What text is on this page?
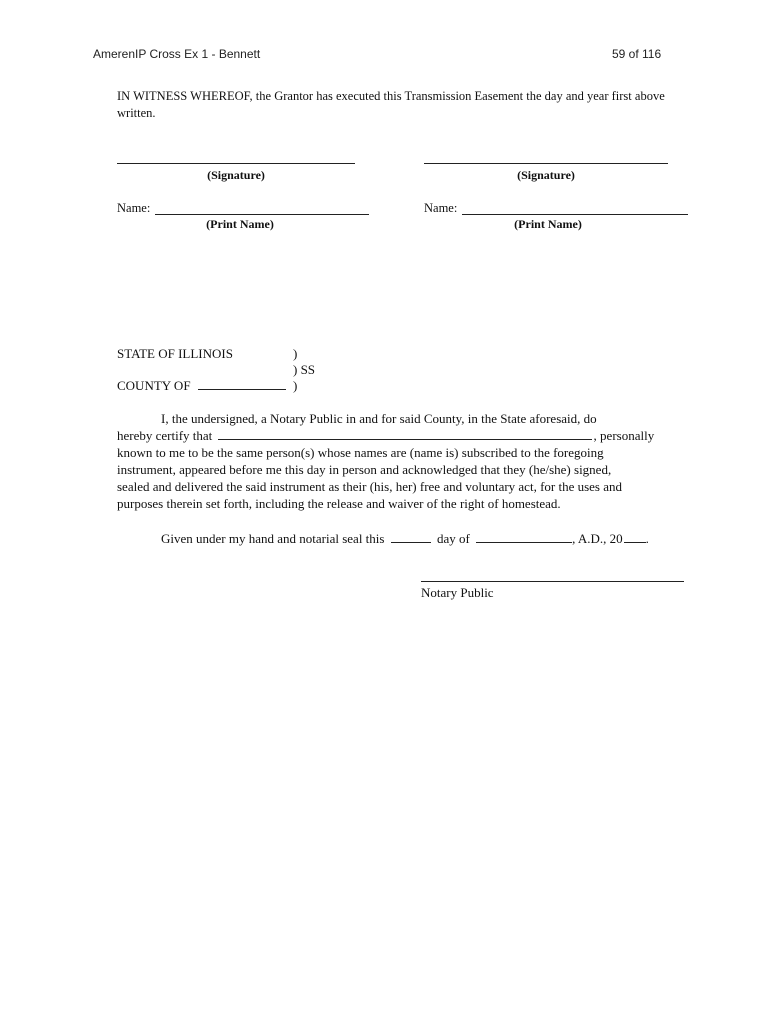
AmerenIP Cross Ex 1 - Bennett	59 of 116
IN WITNESS WHEREOF, the Grantor has executed this Transmission Easement the day and year first above written.
(Signature)
Name:
(Print Name)
(Signature)
Name:
(Print Name)
STATE OF ILLINOIS	)
) SS
COUNTY OF	)
I, the undersigned, a Notary Public in and for said County, in the State aforesaid, do
hereby certify that	, personally
known to me to be the same person(s) whose names are (name is) subscribed to the foregoing
instrument, appeared before me this day in person and acknowledged that they (he/she) signed,
sealed and delivered the said instrument as their (his, her) free and voluntary act, for the uses and
purposes therein set forth, including the release and waiver of the right of homestead.
Given under my hand and notarial seal this	day of	, A.D., 20 .
Notary Public
